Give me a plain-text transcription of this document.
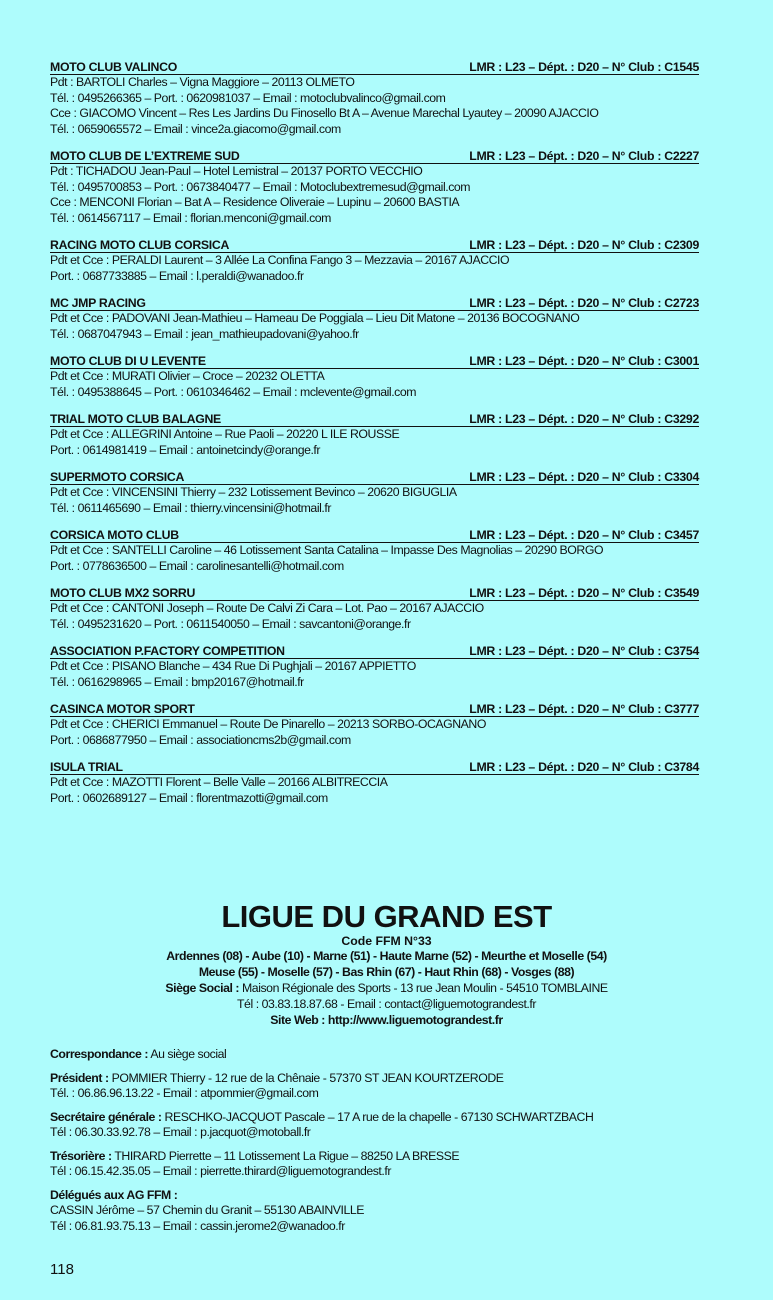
MOTO CLUB VALINCO	LMR : L23 – Dépt. : D20 – N° Club : C1545
Pdt : BARTOLI Charles – Vigna Maggiore – 20113 OLMETO
Tél. : 0495266365 – Port. : 0620981037 – Email : motoclubvalinco@gmail.com
Cce : GIACOMO Vincent – Res Les Jardins Du Finosello Bt A – Avenue Marechal Lyautey – 20090 AJACCIO
Tél. : 0659065572 – Email : vince2a.giacomo@gmail.com
MOTO CLUB DE L’EXTREME SUD	LMR : L23 – Dépt. : D20 – N° Club : C2227
Pdt : TICHADOU Jean-Paul – Hotel Lemistral – 20137 PORTO VECCHIO
Tél. : 0495700853 – Port. : 0673840477 – Email : Motoclubextremesud@gmail.com
Cce : MENCONI Florian – Bat A – Residence Oliveraie – Lupinu – 20600 BASTIA
Tél. : 0614567117 – Email : florian.menconi@gmail.com
RACING MOTO CLUB CORSICA	LMR : L23 – Dépt. : D20 – N° Club : C2309
Pdt et Cce : PERALDI Laurent – 3 Allée La Confina Fango 3 – Mezzavia – 20167 AJACCIO
Port. : 0687733885 – Email : l.peraldi@wanadoo.fr
MC JMP RACING	LMR : L23 – Dépt. : D20 – N° Club : C2723
Pdt et Cce : PADOVANI Jean-Mathieu – Hameau De Poggiala – Lieu Dit Matone – 20136 BOCOGNANO
Tél. : 0687047943 – Email : jean_mathieupadovani@yahoo.fr
MOTO CLUB DI U LEVENTE	LMR : L23 – Dépt. : D20 – N° Club : C3001
Pdt et Cce : MURATI Olivier – Croce – 20232 OLETTA
Tél. : 0495388645 – Port. : 0610346462 – Email : mclevente@gmail.com
TRIAL MOTO CLUB BALAGNE	LMR : L23 – Dépt. : D20 – N° Club : C3292
Pdt et Cce : ALLEGRINI Antoine – Rue Paoli – 20220 L ILE ROUSSE
Port. : 0614981419 – Email : antoinetcindy@orange.fr
SUPERMOTO CORSICA	LMR : L23 – Dépt. : D20 – N° Club : C3304
Pdt et Cce : VINCENSINI Thierry – 232 Lotissement Bevinco – 20620 BIGUGLIA
Tél. : 0611465690 – Email : thierry.vincensini@hotmail.fr
CORSICA MOTO CLUB	LMR : L23 – Dépt. : D20 – N° Club : C3457
Pdt et Cce : SANTELLI Caroline – 46 Lotissement Santa Catalina – Impasse Des Magnolias – 20290 BORGO
Port. : 0778636500 – Email : carolinesantelli@hotmail.com
MOTO CLUB MX2 SORRU	LMR : L23 – Dépt. : D20 – N° Club : C3549
Pdt et Cce : CANTONI Joseph – Route De Calvi Zi Cara – Lot. Pao – 20167 AJACCIO
Tél. : 0495231620 – Port. : 0611540050 – Email : savcantoni@orange.fr
ASSOCIATION P.FACTORY COMPETITION	LMR : L23 – Dépt. : D20 – N° Club : C3754
Pdt et Cce : PISANO Blanche – 434 Rue Di Pughjali – 20167 APPIETTO
Tél. : 0616298965 – Email : bmp20167@hotmail.fr
CASINCA MOTOR SPORT	LMR : L23 – Dépt. : D20 – N° Club : C3777
Pdt et Cce : CHERICI Emmanuel – Route De Pinarello – 20213 SORBO-OCAGNANO
Port. : 0686877950 – Email : associationcms2b@gmail.com
ISULA TRIAL	LMR : L23 – Dépt. : D20 – N° Club : C3784
Pdt et Cce : MAZOTTI Florent – Belle Valle – 20166 ALBITRECCIA
Port. : 0602689127 – Email : florentmazotti@gmail.com
LIGUE DU GRAND EST
Code FFM N°33
Ardennes (08) - Aube (10) - Marne (51) - Haute Marne (52) - Meurthe et Moselle (54)
Meuse (55) - Moselle (57) - Bas Rhin (67) - Haut Rhin (68) - Vosges (88)
Siège Social : Maison Régionale des Sports - 13 rue Jean Moulin - 54510 TOMBLAINE
Tél : 03.83.18.87.68 - Email : contact@liguemotograndest.fr
Site Web : http://www.liguemotograndest.fr
Correspondance : Au siège social
Président : POMMIER Thierry - 12 rue de la Chênaie - 57370 ST JEAN KOURTZERODE
Tél. : 06.86.96.13.22 - Email : atpommier@gmail.com
Secrétaire générale : RESCHKO-JACQUOT Pascale – 17 A rue de la chapelle - 67130 SCHWARTZBACH
Tél : 06.30.33.92.78 – Email : p.jacquot@motoball.fr
Trésorière : THIRARD Pierrette – 11 Lotissement La Rigue – 88250 LA BRESSE
Tél : 06.15.42.35.05 – Email : pierrette.thirard@liguemotograndest.fr
Délégués aux AG FFM :
CASSIN Jérôme – 57 Chemin du Granit – 55130 ABAINVILLE
Tél : 06.81.93.75.13 – Email : cassin.jerome2@wanadoo.fr
118
